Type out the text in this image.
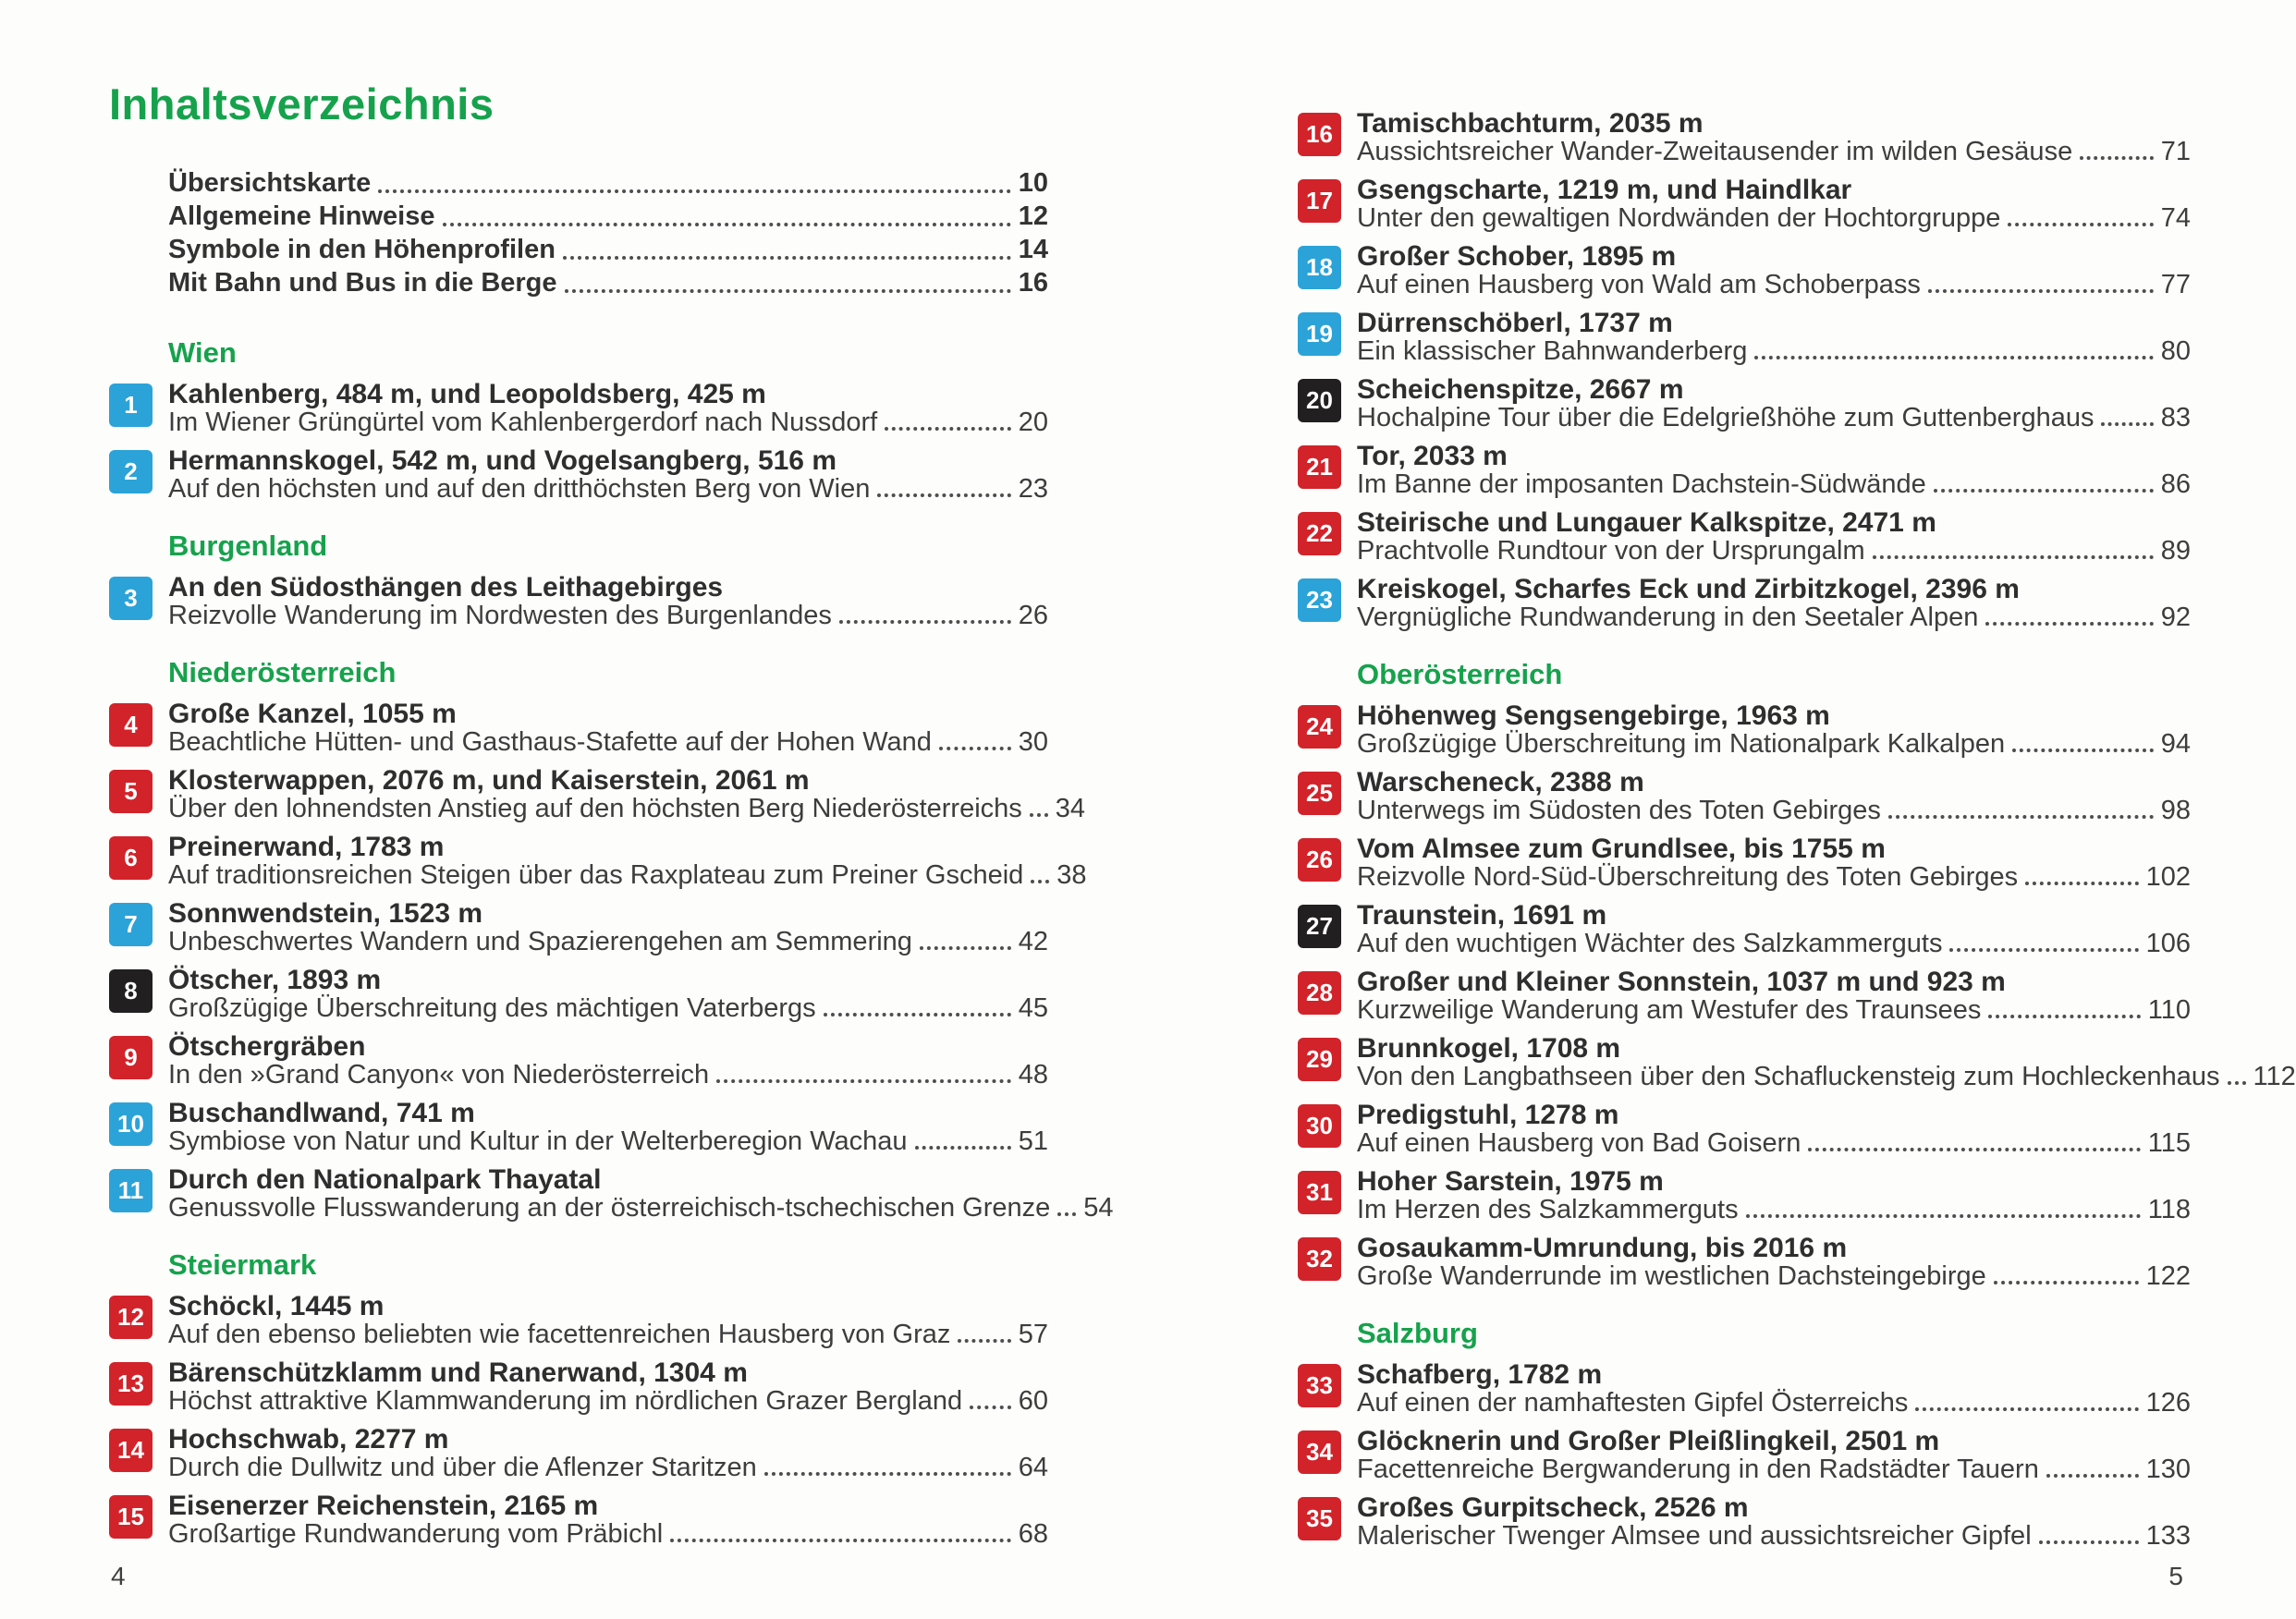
Inhaltsverzeichnis
Übersichtskarte	10
Allgemeine Hinweise	12
Symbole in den Höhenprofilen	14
Mit Bahn und Bus in die Berge	16
Wien
1	Kahlenberg, 484 m, und Leopoldsberg, 425 m
Im Wiener Grüngürtel vom Kahlenbergerdorf nach Nussdorf	20
2	Hermannskogel, 542 m, und Vogelsangberg, 516 m
Auf den höchsten und auf den dritthöchsten Berg von Wien	23
Burgenland
3	An den Südosthängen des Leithagebirges
Reizvolle Wanderung im Nordwesten des Burgenlandes	26
Niederösterreich
4	Große Kanzel, 1055 m
Beachtliche Hütten- und Gasthaus-Stafette auf der Hohen Wand	30
5	Klosterwappen, 2076 m, und Kaiserstein, 2061 m
Über den lohnendsten Anstieg auf den höchsten Berg Niederösterreichs 34
6	Preinerwand, 1783 m
Auf traditionsreichen Steigen über das Raxplateau zum Preiner Gscheid 38
7	Sonnwendstein, 1523 m
Unbeschwertes Wandern und Spazierengehen am Semmering	42
8	Ötscher, 1893 m
Großzügige Überschreitung des mächtigen Vaterbergs	45
9	Ötschergräben
In den »Grand Canyon« von Niederösterreich	48
10 Buschandlwand, 741 m
Symbiose von Natur und Kultur in der Welterberegion Wachau	51
11 Durch den Nationalpark Thayatal
Genussvolle Flusswanderung an der österreichisch-tschechischen Grenze 54
Steiermark
12 Schöckl, 1445 m
Auf den ebenso beliebten wie facettenreichen Hausberg von Graz	57
13 Bärenschützklamm und Ranerwand, 1304 m
Höchst attraktive Klammwanderung im nördlichen Grazer Bergland 60
14 Hochschwab, 2277 m
Durch die Dullwitz und über die Aflenzer Staritzen	64
15 Eisenerzer Reichenstein, 2165 m
Großartige Rundwanderung vom Präbichl	68
16 Tamischbachturm, 2035 m
Aussichtsreicher Wander-Zweitausender im wilden Gesäuse	71
17 Gsengscharte, 1219 m, und Haindlkar
Unter den gewaltigen Nordwänden der Hochtorgruppe	74
18 Großer Schober, 1895 m
Auf einen Hausberg von Wald am Schoberpass	77
19 Dürrenschöberl, 1737 m
Ein klassischer Bahnwanderberg	80
20 Scheichenspitze, 2667 m
Hochalpine Tour über die Edelgrießhöhe zum Guttenberghaus 83
21 Tor, 2033 m
Im Banne der imposanten Dachstein-Südwände	86
22 Steirische und Lungauer Kalkspitze, 2471 m
Prachtvolle Rundtour von der Ursprungalm	89
23 Kreiskogel, Scharfes Eck und Zirbitzkogel, 2396 m
Vergnügliche Rundwanderung in den Seetaler Alpen	92
Oberösterreich
24 Höhenweg Sengsengebirge, 1963 m
Großzügige Überschreitung im Nationalpark Kalkalpen	94
25 Warscheneck, 2388 m
Unterwegs im Südosten des Toten Gebirges	98
26 Vom Almsee zum Grundlsee, bis 1755 m
Reizvolle Nord-Süd-Überschreitung des Toten Gebirges	102
27 Traunstein, 1691 m
Auf den wuchtigen Wächter des Salzkammerguts	106
28 Großer und Kleiner Sonnstein, 1037 m und 923 m
Kurzweilige Wanderung am Westufer des Traunsees	110
29 Brunnkogel, 1708 m
Von den Langbathseen über den Schafluckensteig zum Hochleckenhaus 112
30 Predigstuhl, 1278 m
Auf einen Hausberg von Bad Goisern	115
31 Hoher Sarstein, 1975 m
Im Herzen des Salzkammerguts	118
32 Gosaukamm-Umrundung, bis 2016 m
Große Wanderrunde im westlichen Dachsteingebirge	122
Salzburg
33 Schafberg, 1782 m
Auf einen der namhaftesten Gipfel Österreichs	126
34 Glöcknerin und Großer Pleißlingkeil, 2501 m
Facettenreiche Bergwanderung in den Radstädter Tauern	130
35 Großes Gurpitscheck, 2526 m
Malerischer Twenger Almsee und aussichtsreicher Gipfel	133
4	5
